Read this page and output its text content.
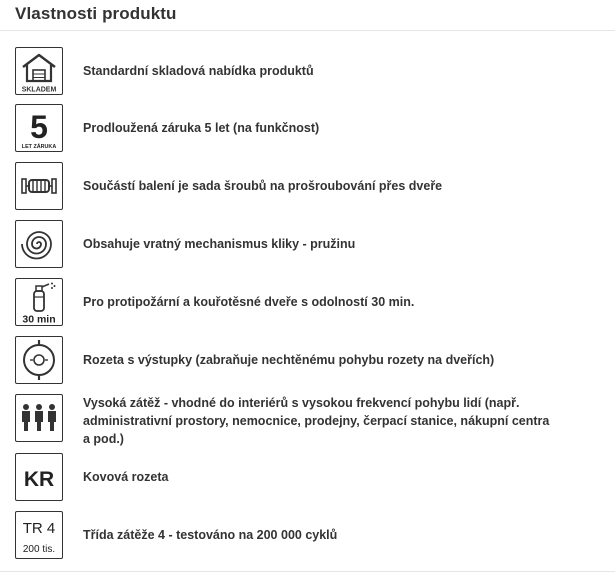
Vlastnosti produktu
SKLADEM
Standardní skladová nabídka produktů
5
LET ZÁRUKA
Prodloužená záruka 5 let (na funkčnost)
Součástí balení je sada šroubů na prošroubování přes dveře
Obsahuje vratný mechanismus kliky - pružinu
30 min
Pro protipožární a kouřotěsné dveře s odolností 30 min.
Rozeta s výstupky (zabraňuje nechtěnému pohybu rozety na dveřích)
Vysoká zátěž - vhodné do interiérů s vysokou frekvencí pohybu lidí (např. administrativní prostory, nemocnice, prodejny, čerpací stanice, nákupní centra a pod.)
KR Kovová rozeta
TR 4
200 tis.
Třída zátěže 4 - testováno na 200 000 cyklů
